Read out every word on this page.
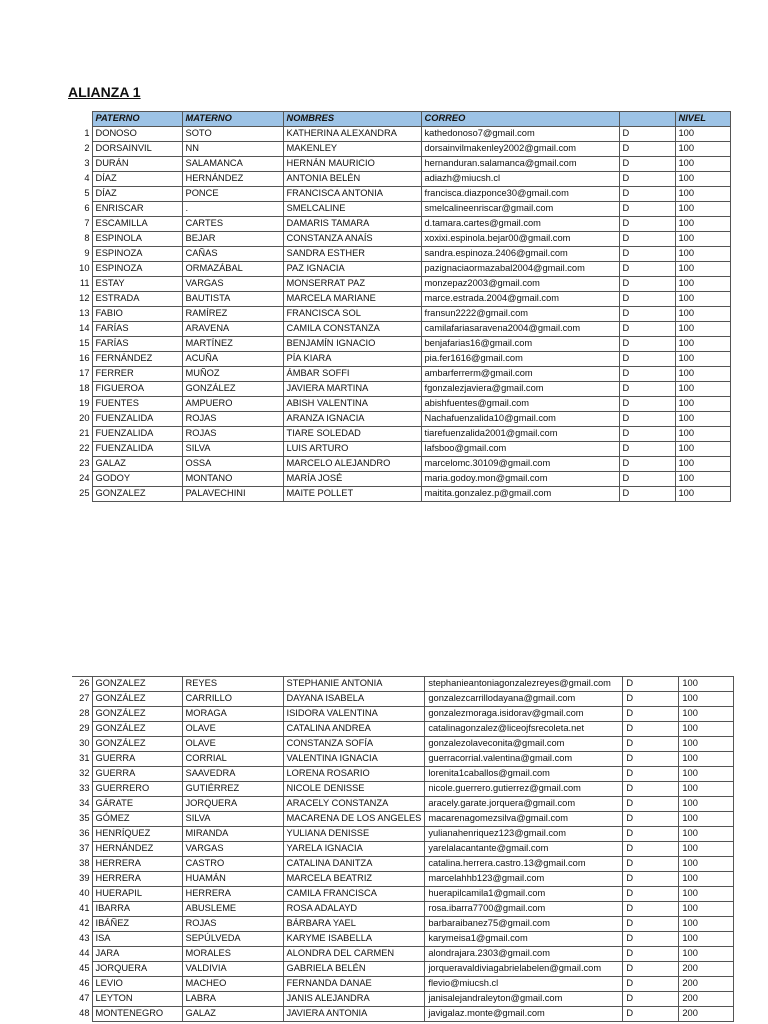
ALIANZA 1
	PATERNO	MATERNO	NOMBRES	CORREO		NIVEL
1	DONOSO	SOTO	KATHERINA ALEXANDRA	kathedonoso7@gmail.com	D	100
2	DORSAINVIL	NN	MAKENLEY	dorsainvilmakenley2002@gmail.com	D	100
3	DURÁN	SALAMANCA	HERNÁN MAURICIO	hernanduran.salamanca@gmail.com	D	100
4	DÍAZ	HERNÁNDEZ	ANTONIA BELÉN	adiazh@miucsh.cl	D	100
5	DÍAZ	PONCE	FRANCISCA ANTONIA	francisca.diazponce30@gmail.com	D	100
6	ENRISCAR	.	SMELCALINE	smelcalineenriscar@gmail.com	D	100
7	ESCAMILLA	CARTES	DAMARIS TAMARA	d.tamara.cartes@gmail.com	D	100
8	ESPINOLA	BEJAR	CONSTANZA ANAÍS	xoxixi.espinola.bejar00@gmail.com	D	100
9	ESPINOZA	CAÑAS	SANDRA ESTHER	sandra.espinoza.2406@gmail.com	D	100
10	ESPINOZA	ORMAZÁBAL	PAZ IGNACIA	pazignaciaormazabal2004@gmail.com	D	100
11	ESTAY	VARGAS	MONSERRAT PAZ	monzepaz2003@gmail.com	D	100
12	ESTRADA	BAUTISTA	MARCELA MARIANE	marce.estrada.2004@gmail.com	D	100
13	FABIO	RAMÍREZ	FRANCISCA SOL	fransun2222@gmail.com	D	100
14	FARÍAS	ARAVENA	CAMILA CONSTANZA	camilafariasaravena2004@gmail.com	D	100
15	FARÍAS	MARTÍNEZ	BENJAMÍN IGNACIO	benjafarias16@gmail.com	D	100
16	FERNÁNDEZ	ACUÑA	PÍA KIARA	pia.fer1616@gmail.com	D	100
17	FERRER	MUÑOZ	ÁMBAR SOFFI	ambarferrerm@gmail.com	D	100
18	FIGUEROA	GONZÁLEZ	JAVIERA MARTINA	fgonzalezjaviera@gmail.com	D	100
19	FUENTES	AMPUERO	ABISH VALENTINA	abishfuentes@gmail.com	D	100
20	FUENZALIDA	ROJAS	ARANZA IGNACIA	Nachafuenzalida10@gmail.com	D	100
21	FUENZALIDA	ROJAS	TIARE SOLEDAD	tiarefuenzalida2001@gmail.com	D	100
22	FUENZALIDA	SILVA	LUIS ARTURO	lafsboo@gmail.com	D	100
23	GALAZ	OSSA	MARCELO ALEJANDRO	marcelomc.30109@gmail.com	D	100
24	GODOY	MONTANO	MARÍA JOSÉ	maria.godoy.mon@gmail.com	D	100
25	GONZALEZ	PALAVECHINI	MAITE POLLET	maitita.gonzalez.p@gmail.com	D	100
26	GONZALEZ	REYES	STEPHANIE ANTONIA	stephanieantoniagonzalezreyes@gmail.com	D	100
27	GONZÁLEZ	CARRILLO	DAYANA ISABELA	gonzalezcarrillodayana@gmail.com	D	100
28	GONZÁLEZ	MORAGA	ISIDORA VALENTINA	gonzalezmoraga.isidorav@gmail.com	D	100
29	GONZÁLEZ	OLAVE	CATALINA ANDREA	catalinagonzalez@liceojfsrecoleta.net	D	100
30	GONZÁLEZ	OLAVE	CONSTANZA SOFÍA	gonzalezolaveconita@gmail.com	D	100
31	GUERRA	CORRIAL	VALENTINA IGNACIA	guerracorrial.valentina@gmail.com	D	100
32	GUERRA	SAAVEDRA	LORENA ROSARIO	lorenita1caballos@gmail.com	D	100
33	GUERRERO	GUTIÉRREZ	NICOLE DENISSE	nicole.guerrero.gutierrez@gmail.com	D	100
34	GÁRATE	JORQUERA	ARACELY CONSTANZA	aracely.garate.jorquera@gmail.com	D	100
35	GÓMEZ	SILVA	MACARENA DE LOS ANGELES	macarenagomezsilva@gmail.com	D	100
36	HENRÍQUEZ	MIRANDA	YULIANA DENISSE	yulianahenriquez123@gmail.com	D	100
37	HERNÁNDEZ	VARGAS	YARELA IGNACIA	yarelalacantante@gmail.com	D	100
38	HERRERA	CASTRO	CATALINA DANITZA	catalina.herrera.castro.13@gmail.com	D	100
39	HERRERA	HUAMÁN	MARCELA BEATRIZ	marcelahhb123@gmail.com	D	100
40	HUERAPIL	HERRERA	CAMILA FRANCISCA	huerapilcamila1@gmail.com	D	100
41	IBARRA	ABUSLEME	ROSA ADALAYD	rosa.ibarra7700@gmail.com	D	100
42	IBÁÑEZ	ROJAS	BÁRBARA YAEL	barbaraibanez75@gmail.com	D	100
43	ISA	SEPÚLVEDA	KARYME ISABELLA	karymeisa1@gmail.com	D	100
44	JARA	MORALES	ALONDRA DEL CARMEN	alondrajara.2303@gmail.com	D	100
45	JORQUERA	VALDIVIA	GABRIELA BELÉN	jorqueravaldiviagabrielabelen@gmail.com	D	200
46	LEVIO	MACHEO	FERNANDA DANAE	flevio@miucsh.cl	D	200
47	LEYTON	LABRA	JANIS ALEJANDRA	janisalejandraleyton@gmail.com	D	200
48	MONTENEGRO	GALAZ	JAVIERA ANTONIA	javigalaz.monte@gmail.com	D	200
